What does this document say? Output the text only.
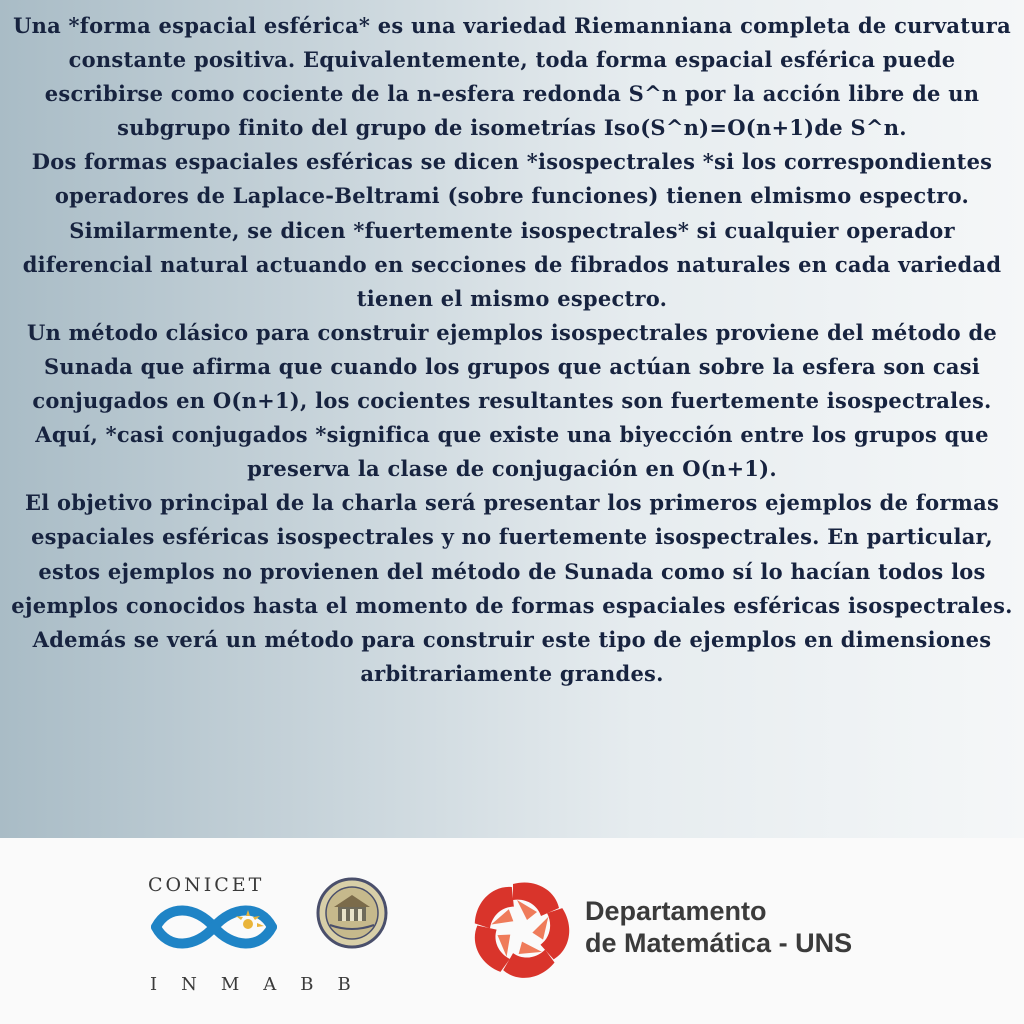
Una *forma espacial esférica* es una variedad Riemanniana completa de curvatura constante positiva. Equivalentemente, toda forma espacial esférica puede escribirse como cociente de la n-esfera redonda S^n por la acción libre de un subgrupo finito del grupo de isometrías Iso(S^n)=O(n+1)de S^n.

Dos formas espaciales esféricas se dicen *isospectrales *si los correspondientes operadores de Laplace-Beltrami (sobre funciones) tienen elmismo espectro. Similarmente, se dicen *fuertemente isospectrales* si cualquier operador diferencial natural actuando en secciones de fibrados naturales en cada variedad tienen el mismo espectro.

Un método clásico para construir ejemplos isospectrales proviene del método de Sunada que afirma que cuando los grupos que actúan sobre la esfera son casi conjugados en O(n+1), los cocientes resultantes son fuertemente isospectrales. Aquí, *casi conjugados *significa que existe una biyección entre los grupos que preserva la clase de conjugación en O(n+1).

El objetivo principal de la charla será presentar los primeros ejemplos de formas espaciales esféricas isospectrales y no fuertemente isospectrales. En particular, estos ejemplos no provienen del método de Sunada como sí lo hacían todos los ejemplos conocidos hasta el momento de formas espaciales esféricas isospectrales. Además se verá un método para construir este tipo de ejemplos en dimensiones arbitrariamente grandes.

CONICET
INMABB
Departamento
de Matemática - UNS
